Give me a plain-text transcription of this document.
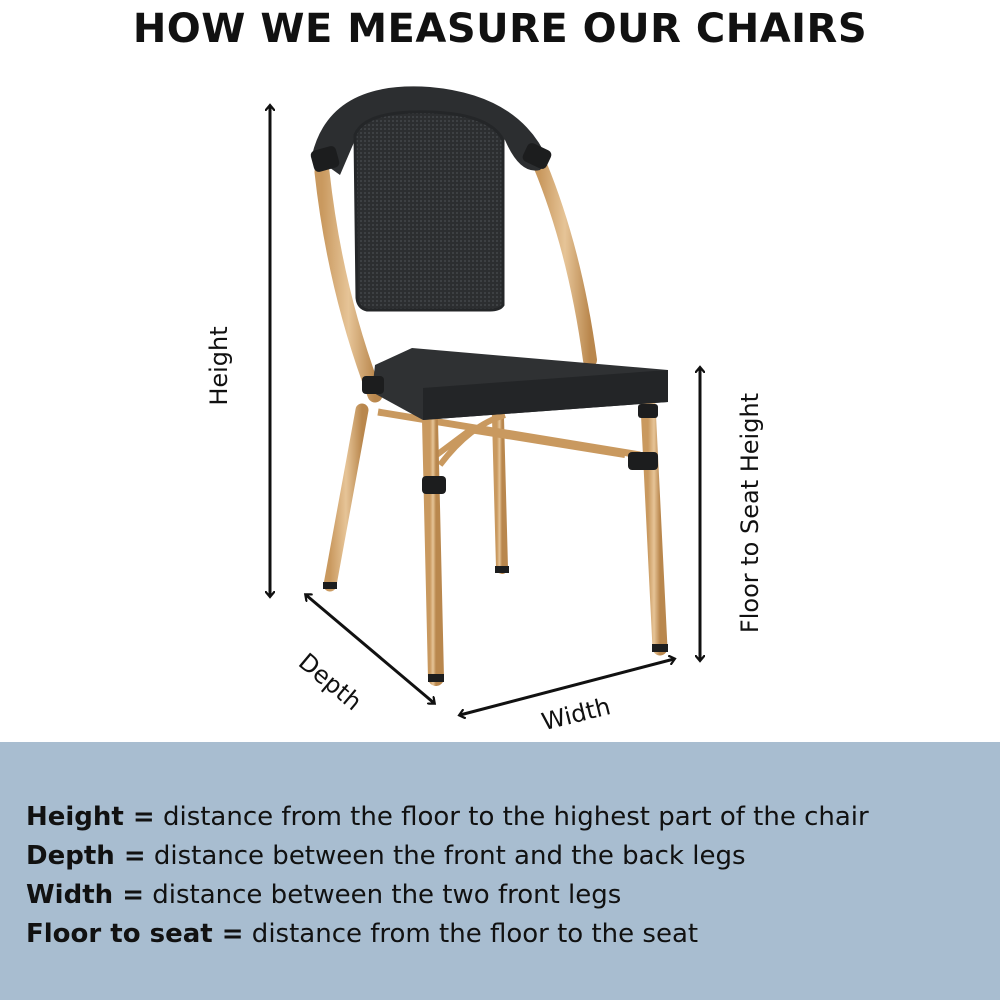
HOW WE MEASURE OUR CHAIRS
Height
Floor to Seat Height
Depth	Width
Height = distance from the floor to the highest part of the chair
Depth = distance between the front and the back legs
Width = distance between the two front legs
Floor to seat = distance from the floor to the seat
